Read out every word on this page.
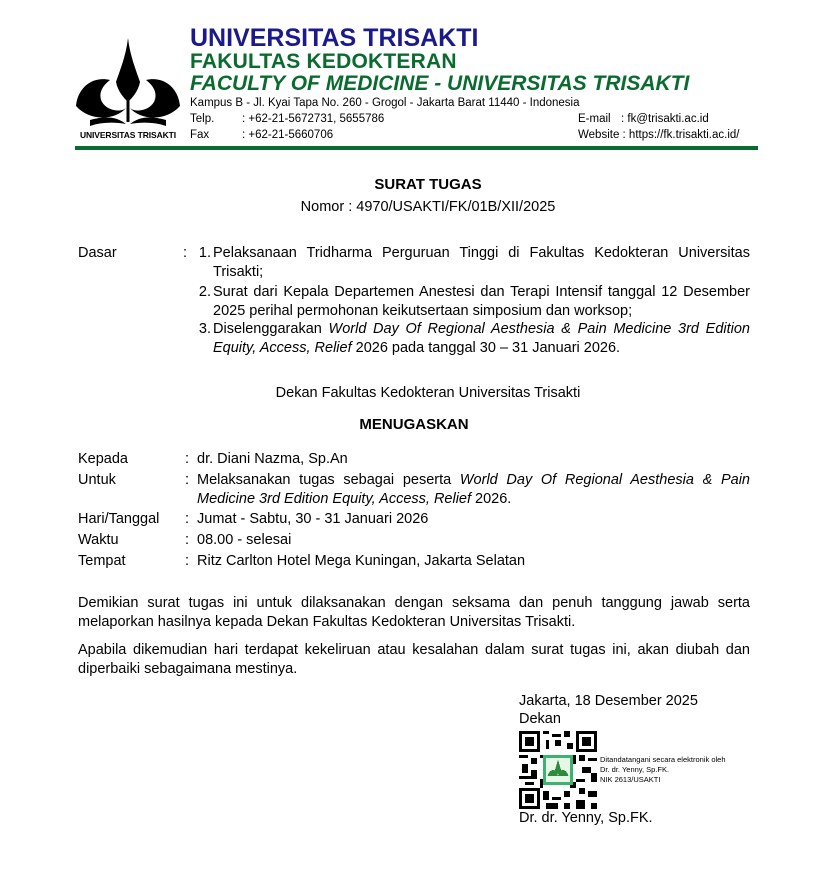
UNIVERSITAS TRISAKTI
UNIVERSITAS TRISAKTI
FAKULTAS KEDOKTERAN
FACULTY OF MEDICINE - UNIVERSITAS TRISAKTI
Kampus B - Jl. Kyai Tapa No. 260 - Grogol - Jakarta Barat 11440 - Indonesia
Telp. : +62-21-5672731, 5655786
Fax	: +62-21-5660706
E-mail : fk@trisakti.ac.id
Website : https://fk.trisakti.ac.id/
SURAT TUGAS
Nomor : 4970/USAKTI/FK/01B/XII/2025
Dasar	: 1. Pelaksanaan Tridharma Perguruan Tinggi di Fakultas Kedokteran Universitas Trisakti;
2. Surat dari Kepala Departemen Anestesi dan Terapi Intensif tanggal 12 Desember 2025 perihal permohonan keikutsertaan simposium dan worksop;
3. Diselenggarakan World Day Of Regional Aesthesia & Pain Medicine 3rd Edition Equity, Access, Relief 2026 pada tanggal 30 – 31 Januari 2026.
Dekan Fakultas Kedokteran Universitas Trisakti
MENUGASKAN
Kepada	: dr. Diani Nazma, Sp.An
Untuk	: Melaksanakan tugas sebagai peserta World Day Of Regional Aesthesia & Pain Medicine 3rd Edition Equity, Access, Relief 2026.
Hari/Tanggal : Jumat - Sabtu, 30 - 31 Januari 2026
Waktu	: 08.00 - selesai
Tempat	: Ritz Carlton Hotel Mega Kuningan, Jakarta Selatan
Demikian surat tugas ini untuk dilaksanakan dengan seksama dan penuh tanggung jawab serta melaporkan hasilnya kepada Dekan Fakultas Kedokteran Universitas Trisakti.
Apabila dikemudian hari terdapat kekeliruan atau kesalahan dalam surat tugas ini, akan diubah dan diperbaiki sebagaimana mestinya.
Jakarta, 18 Desember 2025
Dekan
Ditandatangani secara elektronik oleh
Dr. dr. Yenny, Sp.FK.
NIK 2613/USAKTI
Dr. dr. Yenny, Sp.FK.
